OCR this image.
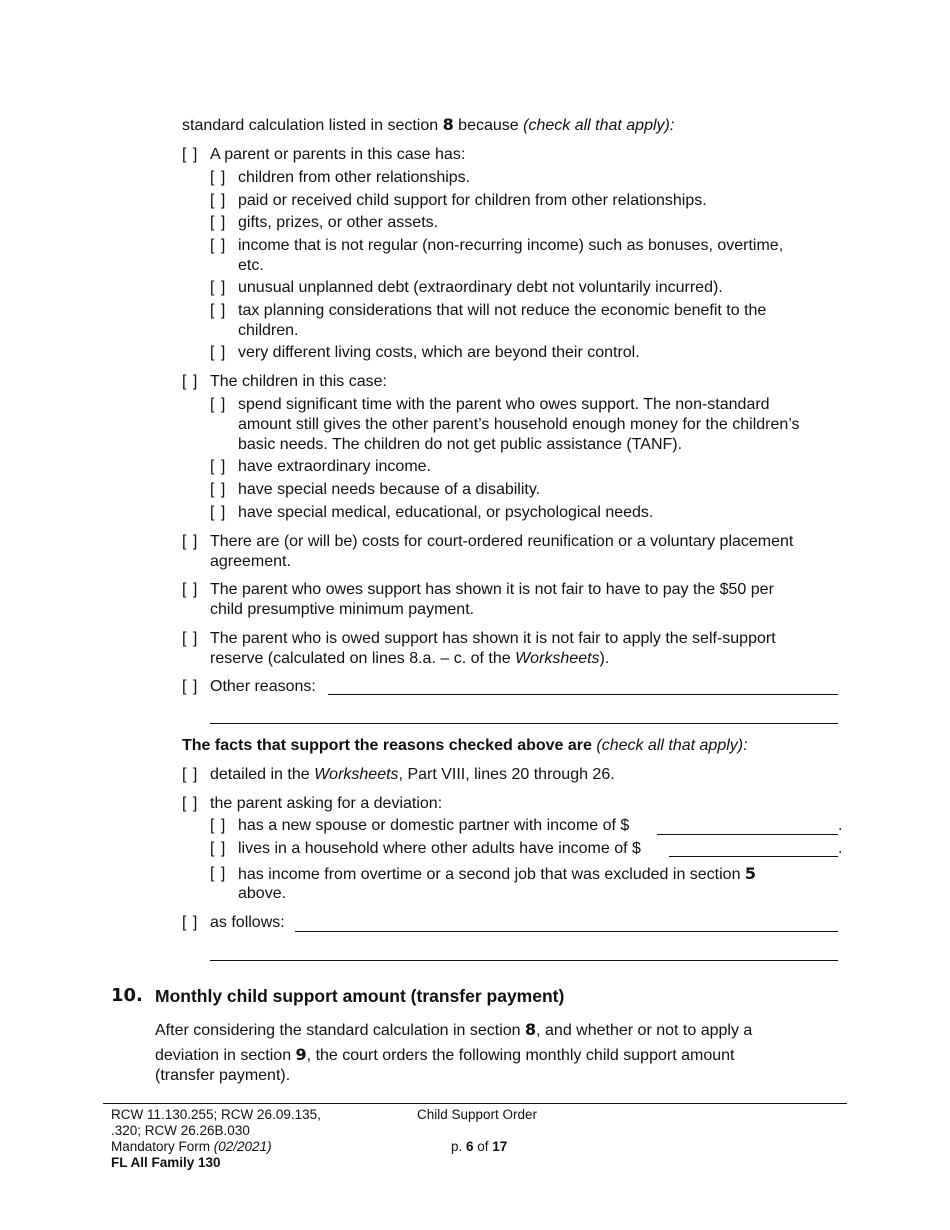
standard calculation listed in section 8 because (check all that apply):
[ ] A parent or parents in this case has:
[ ] children from other relationships.
[ ] paid or received child support for children from other relationships.
[ ] gifts, prizes, or other assets.
[ ] income that is not regular (non-recurring income) such as bonuses, overtime,
etc.
[ ] unusual unplanned debt (extraordinary debt not voluntarily incurred).
[ ] tax planning considerations that will not reduce the economic benefit to the
children.
[ ] very different living costs, which are beyond their control.
[ ] The children in this case:
[ ] spend significant time with the parent who owes support. The non-standard
amount still gives the other parent’s household enough money for the children’s
basic needs. The children do not get public assistance (TANF).
[ ] have extraordinary income.
[ ] have special needs because of a disability.
[ ] have special medical, educational, or psychological needs.
[ ] There are (or will be) costs for court-ordered reunification or a voluntary placement
agreement.
[ ] The parent who owes support has shown it is not fair to have to pay the $50 per
child presumptive minimum payment.
[ ] The parent who is owed support has shown it is not fair to apply the self-support
reserve (calculated on lines 8.a. – c. of the Worksheets).
[ ] Other reasons:
The facts that support the reasons checked above are (check all that apply):
[ ] detailed in the Worksheets, Part VIII, lines 20 through 26.
[ ] the parent asking for a deviation:
[ ] has a new spouse or domestic partner with income of $	.
[ ] lives in a household where other adults have income of $	.
[ ] has income from overtime or a second job that was excluded in section 5
above.
[ ] as follows:
10. Monthly child support amount (transfer payment)
After considering the standard calculation in section 8, and whether or not to apply a
deviation in section 9, the court orders the following monthly child support amount
(transfer payment).
RCW 11.130.255; RCW 26.09.135,
.320; RCW 26.26B.030
Mandatory Form (02/2021)
FL All Family 130
Child Support Order
p. 6 of 17
